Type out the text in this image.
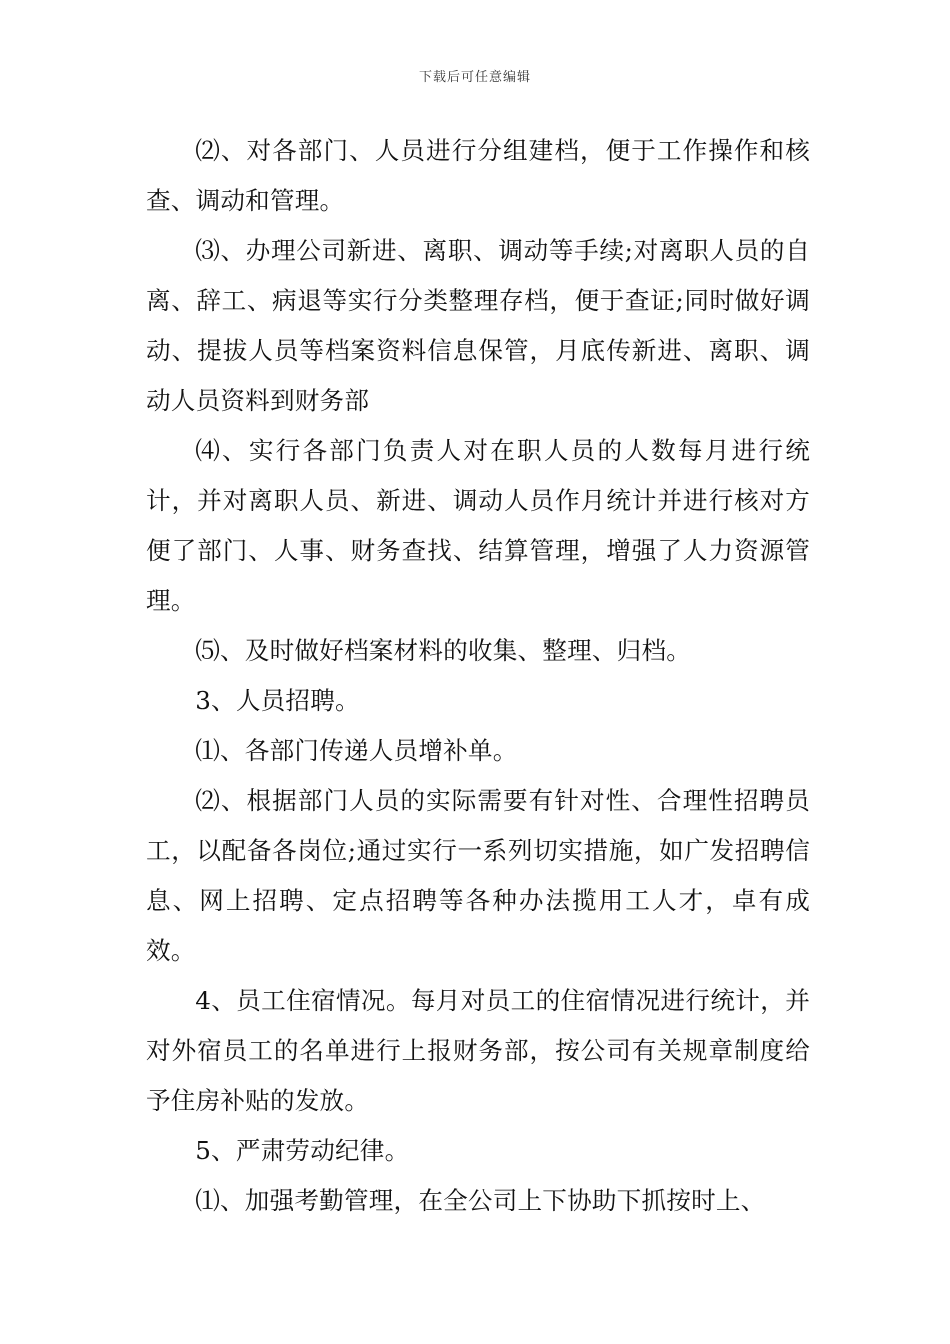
下载后可任意编辑

⑵、对各部门、人员进行分组建档，便于工作操作和核查、调动和管理。

⑶、办理公司新进、离职、调动等手续;对离职人员的自离、辞工、病退等实行分类整理存档，便于查证;同时做好调动、提拔人员等档案资料信息保管，月底传新进、离职、调动人员资料到财务部

⑷、实行各部门负责人对在职人员的人数每月进行统计，并对离职人员、新进、调动人员作月统计并进行核对方便了部门、人事、财务查找、结算管理，增强了人力资源管理。

⑸、及时做好档案材料的收集、整理、归档。

3、人员招聘。

⑴、各部门传递人员增补单。

⑵、根据部门人员的实际需要有针对性、合理性招聘员工，以配备各岗位;通过实行一系列切实措施，如广发招聘信息、网上招聘、定点招聘等各种办法揽用工人才，卓有成效。

4、员工住宿情况。每月对员工的住宿情况进行统计，并对外宿员工的名单进行上报财务部，按公司有关规章制度给予住房补贴的发放。

5、严肃劳动纪律。

⑴、加强考勤管理，在全公司上下协助下抓按时上、
